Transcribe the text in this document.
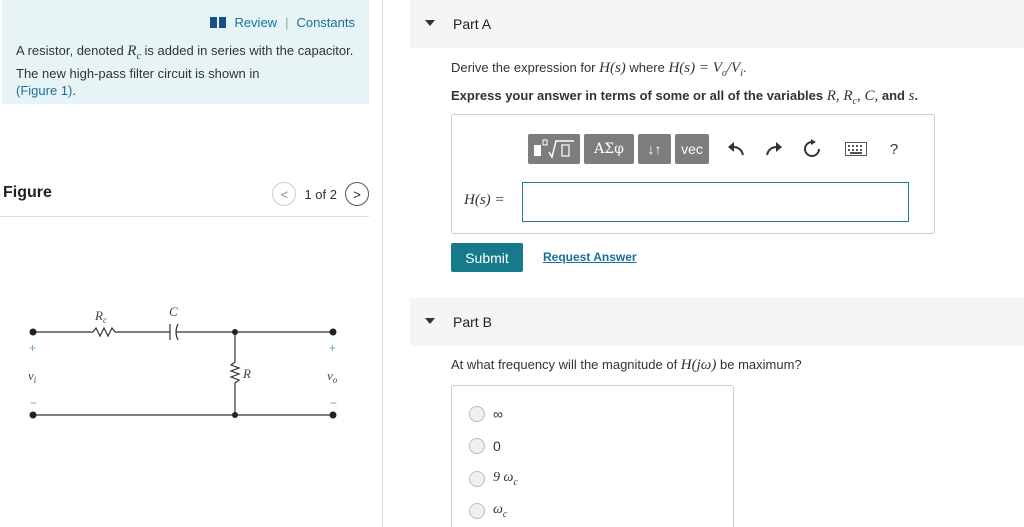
Review | Constants
A resistor, denoted $R_c$ is added in series with the capacitor. The new high-pass filter circuit is shown in
(Figure 1).
Figure	<	1 of 2	>
$R_c$
C
R
$v_i$	$v_o$
+	+
−	−
Part A
Derive the expression for H(s) where $H(s) = V_o/V_i$.
Express your answer in terms of some or all of the variables R, $R_c$, C, and s.
ΑΣφ	↓↑	vec	?
H(s) =
Submit	Request Answer
Part B
At what frequency will the magnitude of H(jω) be maximum?
∞
0
9 $\omega_c$
$\omega_c$
